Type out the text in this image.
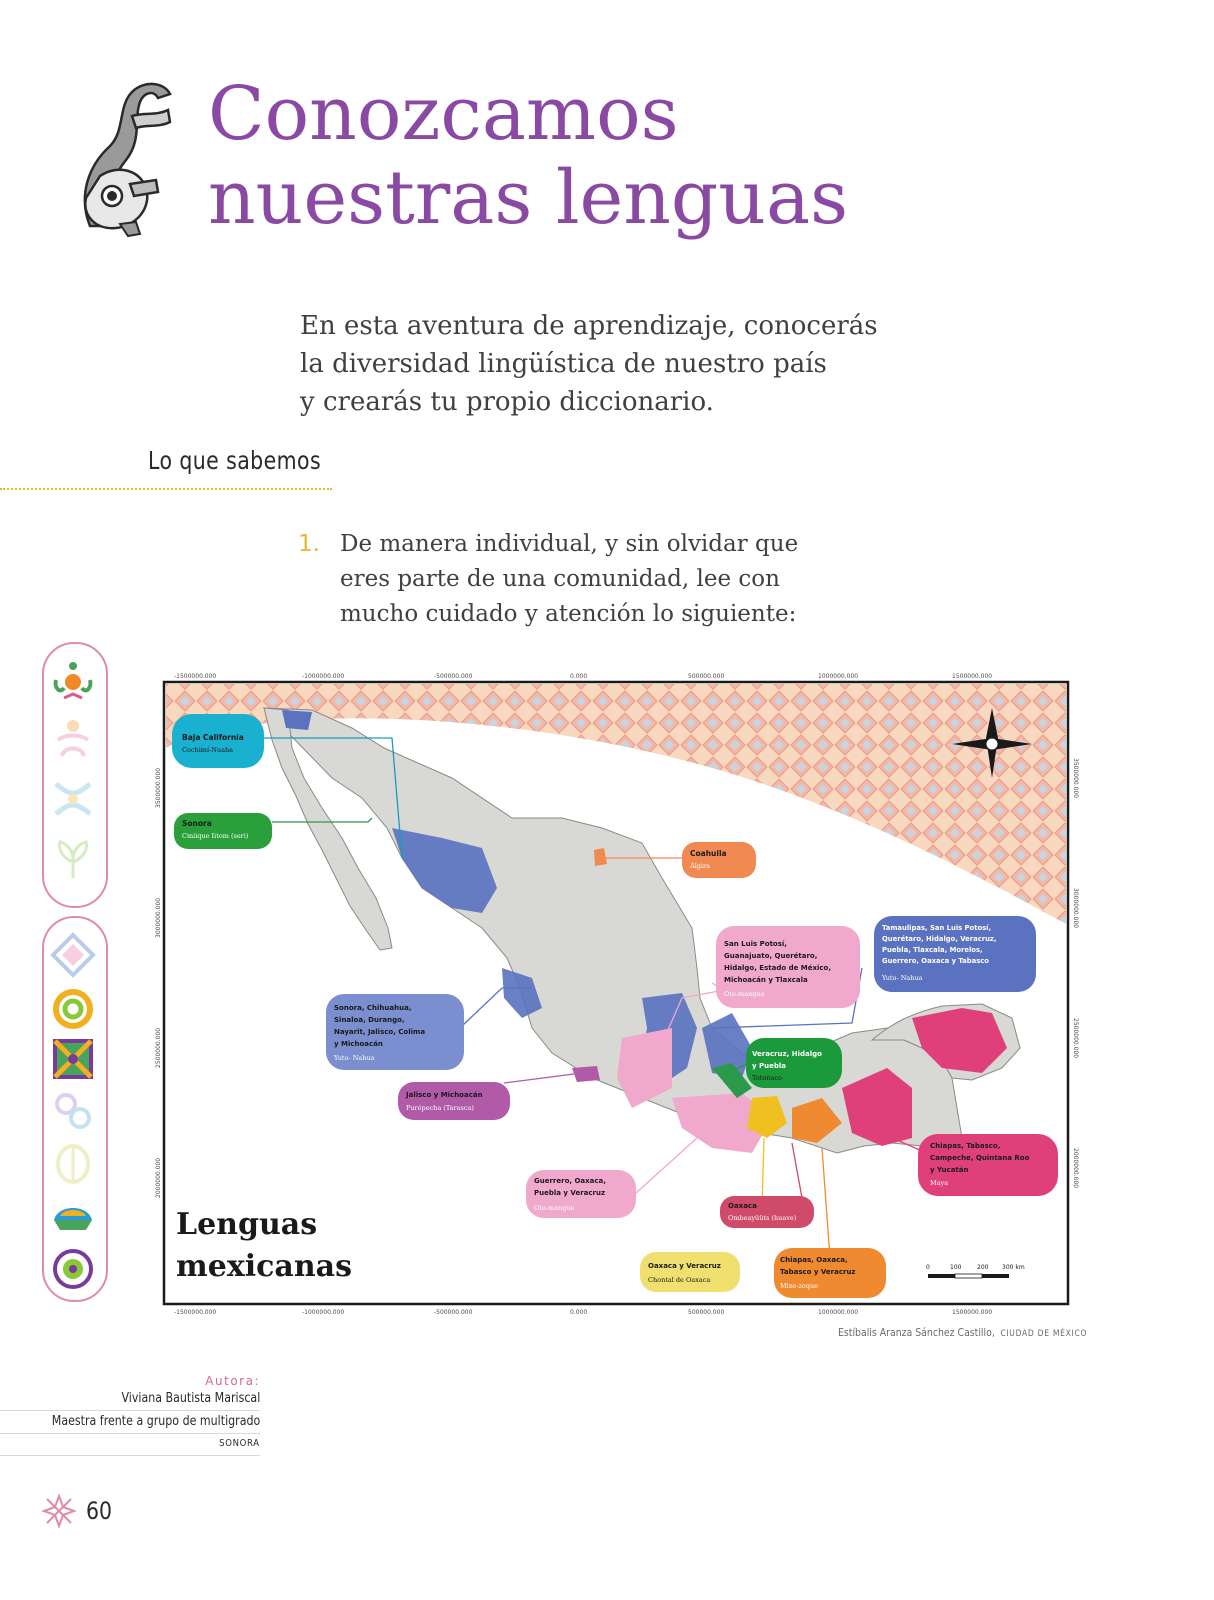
Conozcamos
nuestras lenguas
En esta aventura de aprendizaje, conocerás
la diversidad lingüística de nuestro país
y crearás tu propio diccionario.
Lo que sabemos
1. De manera individual, y sin olvidar que
eres parte de una comunidad, lee con
mucho cuidado y atención lo siguiente:
-1500000.000	-1000000.000	-500000.000	0.000	500000.000	1000000.000	1500000.000
-1500000.000	-1000000.000	-500000.000	0.000	500000.000	1000000.000	1500000.000
3500000.000
3000000.000
2500000.000
2000000.000
3500000.000
3000000.000
2500000.000
2000000.000
Baja California
Cochimí-Nuaha
Sonora
Cmiique Iitom (seri)
Coahuila
Álgira
San Luis Potosí,
Guanajuato, Querétaro,
Hidalgo, Estado de México,
Michoacán y Tlaxcala
Oto-mangue
Tamaulipas, San Luis Potosí,
Querétaro, Hidalgo, Veracruz,
Puebla, Tlaxcala, Morelos,
Guerrero, Oaxaca y Tabasco
Yuto- Nahua
Sonora, Chihuahua,
Sinaloa, Durango,
Nayarit, Jalisco, Colima
y Michoacán
Yuto- Nahua	Veracruz, Hidalgo
y Puebla
Totonaco
Jalisco y Michoacán
Purépecha (Tarasca)
Chiapas, Tabasco,
Campeche, Quintana Roo
y Yucatán
Maya
Guerrero, Oaxaca,
Puebla y Veracruz
Oto-mangue	Oaxaca
Ombeayüüts (huave)
Oaxaca y Veracruz
Chontal de Oaxaca
Chiapas, Oaxaca,
Tabasco y Veracruz
Mixe-zoque
Lenguas
mexicanas	0	100	200 300 km
Estíbalis Aranza Sánchez Castillo, CIUDAD DE MÉXICO
Autora:
Viviana Bautista Mariscal
Maestra frente a grupo de multigrado
SONORA
60
